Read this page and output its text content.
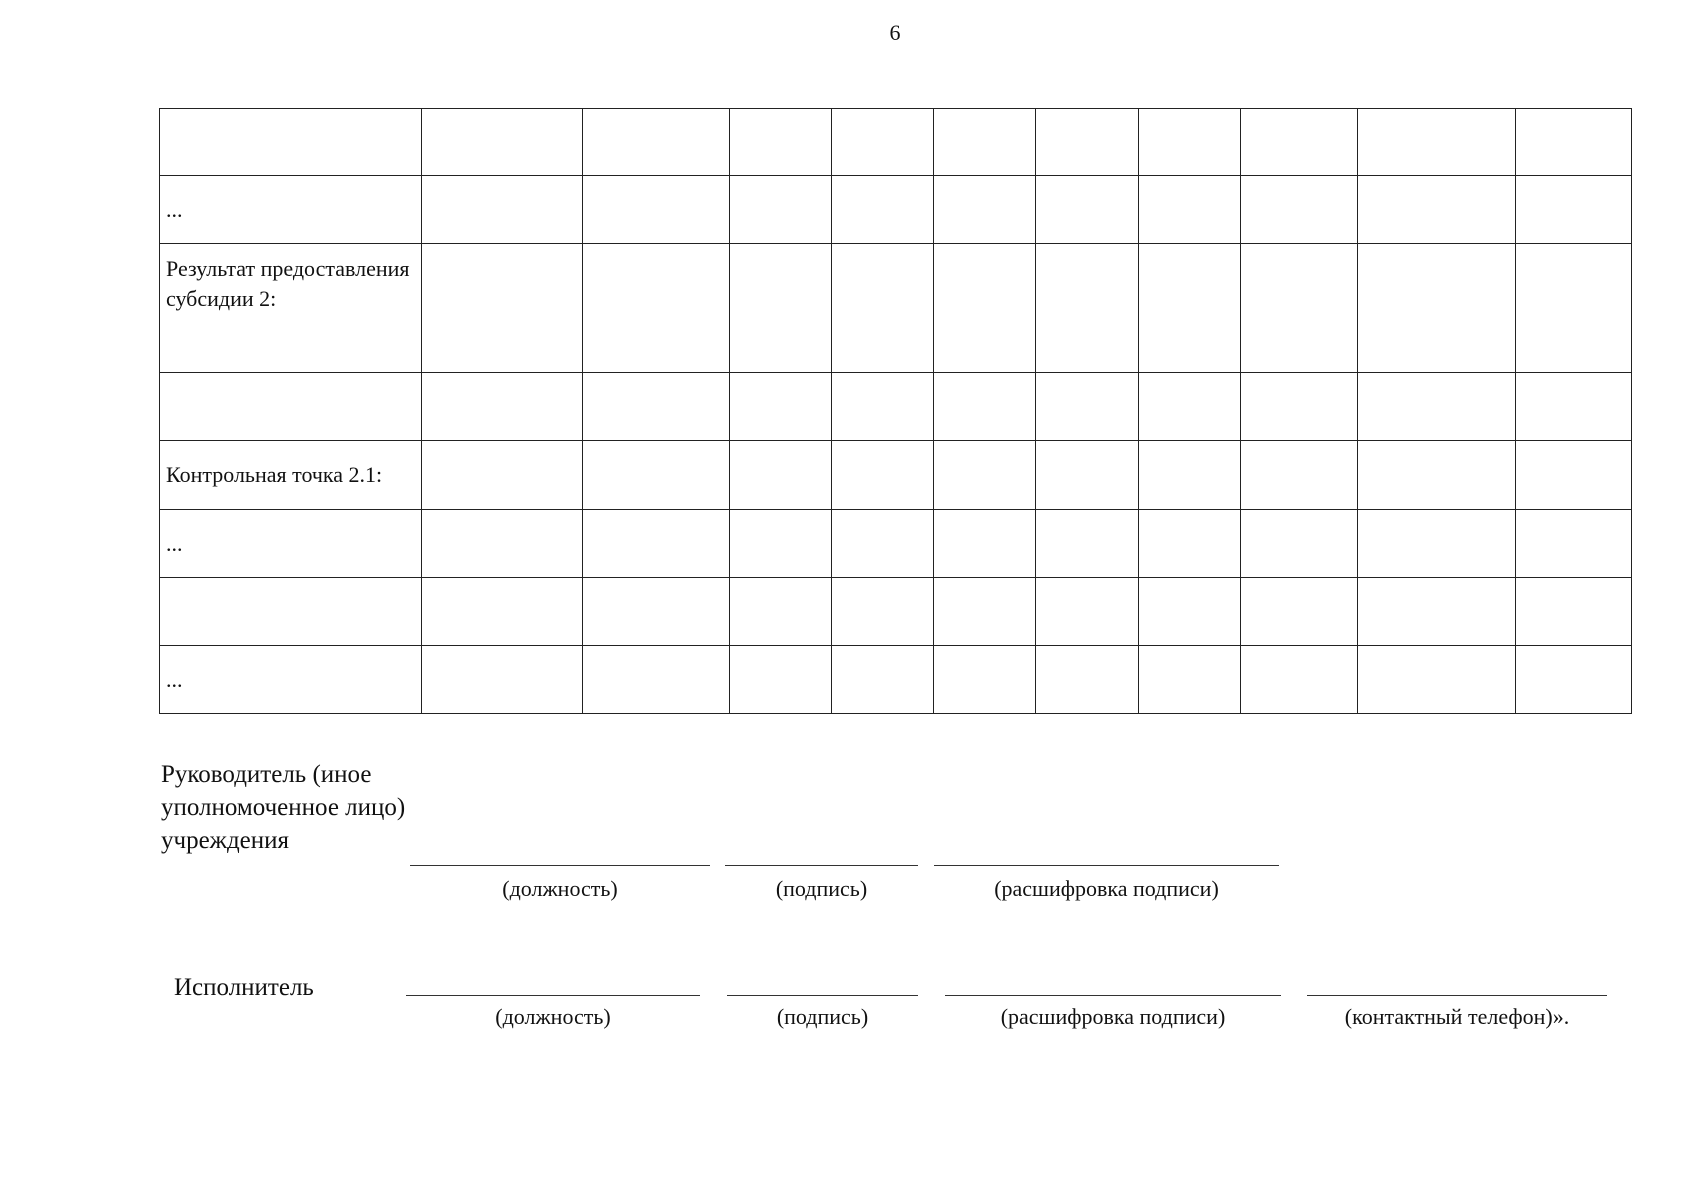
6

...										
Результат предоставления субсидии 2:										

Контрольная точка 2.1:										
...										

...										
Руководитель (иное уполномоченное лицо) учреждения
(должность)	(подпись)	(расшифровка подписи)
Исполнитель
(должность)	(подпись)	(расшифровка подписи)	(контактный телефон)».
